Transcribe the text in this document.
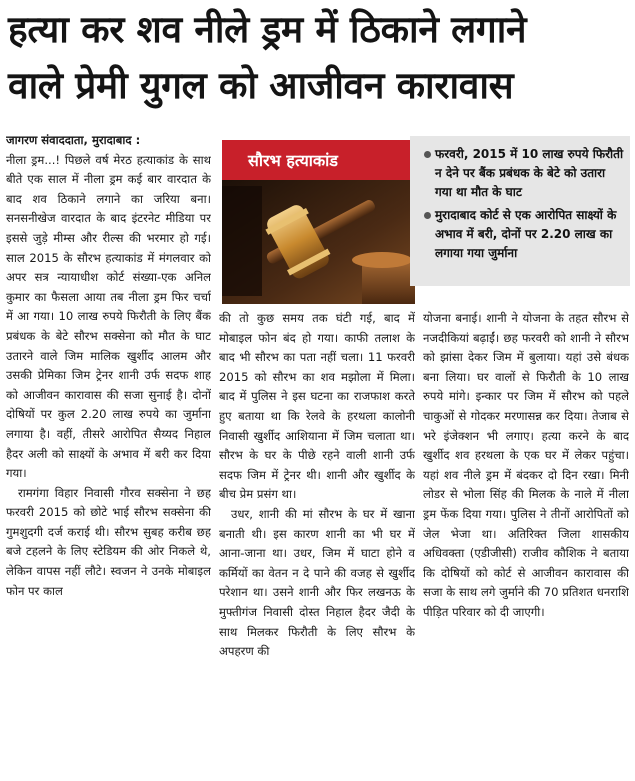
हत्या कर शव नीले ड्रम में ठिकाने लगाने
वाले प्रेमी युगल को आजीवन कारावास

जागरण संवाददाता, मुरादाबाद :
नीला ड्रम...! पिछले वर्ष मेरठ हत्याकांड के साथ बीते एक साल में नीला ड्रम कई बार वारदात के बाद शव ठिकाने लगाने का जरिया बना। सनसनीखेज वारदात के बाद इंटरनेट मीडिया पर इससे जुड़े मीम्स और रील्स की भरमार हो गई। साल 2015 के सौरभ हत्याकांड में मंगलवार को अपर सत्र न्यायाधीश कोर्ट संख्या-एक अनिल कुमार का फैसला आया तब नीला ड्रम फिर चर्चा में आ गया। 10 लाख रुपये फिरौती के लिए बैंक प्रबंधक के बेटे सौरभ सक्सेना को मौत के घाट उतारने वाले जिम मालिक खुर्शीद आलम और उसकी प्रेमिका जिम ट्रेनर शानी उर्फ सदफ शाह को आजीवन कारावास की सजा सुनाई है। दोनों दोषियों पर कुल 2.20 लाख रुपये का जुर्माना लगाया है। वहीं, तीसरे आरोपित सैय्यद निहाल हैदर अली को साक्ष्यों के अभाव में बरी कर दिया गया।

रामगंगा विहार निवासी गौरव सक्सेना ने छह फरवरी 2015 को छोटे भाई सौरभ सक्सेना की गुमशुदगी दर्ज कराई थी। सौरभ सुबह करीब छह बजे टहलने के लिए स्टेडियम की ओर निकले थे, लेकिन वापस नहीं लौटे। स्वजन ने उनके मोबाइल फोन पर काल

सौरभ हत्याकांड	फरवरी, 2015 में 10 लाख रुपये फिरौती न देने पर बैंक प्रबंधक के बेटे को उतारा गया था मौत के घाट
मुरादाबाद कोर्ट से एक आरोपित साक्ष्यों के अभाव में बरी, दोनों पर 2.20 लाख का लगाया गया जुर्माना

की तो कुछ समय तक घंटी गई, बाद में मोबाइल फोन बंद हो गया। काफी तलाश के बाद भी सौरभ का पता नहीं चला। 11 फरवरी 2015 को सौरभ का शव मझोला में मिला। बाद में पुलिस ने इस घटना का राजफाश करते हुए बताया था कि रेलवे के हरथला कालोनी निवासी खुर्शीद आशियाना में जिम चलाता था। सौरभ के घर के पीछे रहने वाली शानी उर्फ सदफ जिम में ट्रेनर थी। शानी और खुर्शीद के बीच प्रेम प्रसंग था।

उधर, शानी की मां सौरभ के घर में खाना बनाती थी। इस कारण शानी का भी घर में आना-जाना था। उधर, जिम में घाटा होने व कर्मियों का वेतन न दे पाने की वजह से खुर्शीद परेशान था। उसने शानी और फिर लखनऊ के मुफ्तीगंज निवासी दोस्त निहाल हैदर जैदी के साथ मिलकर फिरौती के लिए सौरभ के अपहरण की

योजना बनाई। शानी ने योजना के तहत सौरभ से नजदीकियां बढ़ाईं। छह फरवरी को शानी ने सौरभ को झांसा देकर जिम में बुलाया। यहां उसे बंधक बना लिया। घर वालों से फिरौती के 10 लाख रुपये मांगे। इन्कार पर जिम में सौरभ को पहले चाकुओं से गोदकर मरणासन्न कर दिया। तेजाब से भरे इंजेक्शन भी लगाए। हत्या करने के बाद खुर्शीद शव हरथला के एक घर में लेकर पहुंचा। यहां शव नीले ड्रम में बंदकर दो दिन रखा। मिनी लोडर से भोला सिंह की मिलक के नाले में नीला ड्रम फेंक दिया गया। पुलिस ने तीनों आरोपितों को जेल भेजा था। अतिरिक्त जिला शासकीय अधिवक्ता (एडीजीसी) राजीव कौशिक ने बताया कि दोषियों को कोर्ट से आजीवन कारावास की सजा के साथ लगे जुर्माने की 70 प्रतिशत धनराशि पीड़ित परिवार को दी जाएगी।
